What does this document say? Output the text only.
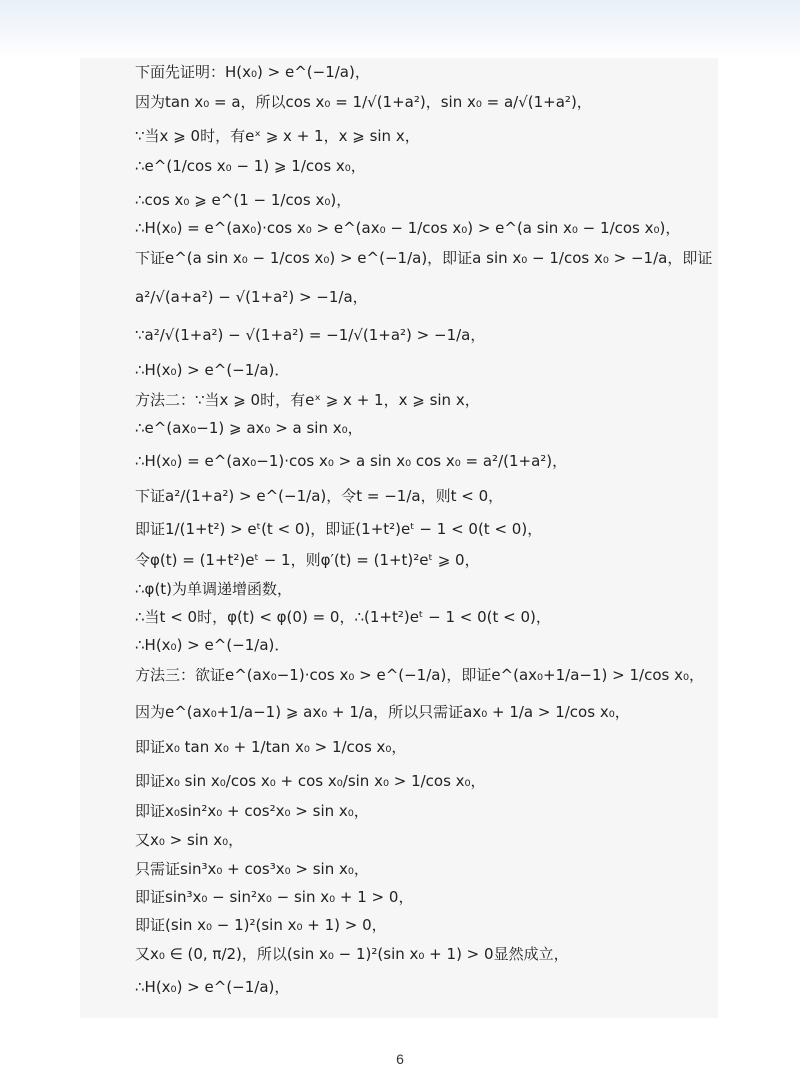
下面先证明：H(x₀) > e^(−1/a)，
因为tan x₀ = a，所以cos x₀ = 1/√(1+a²)，sin x₀ = a/√(1+a²)，
∵当x ⩾ 0时，有eˣ ⩾ x + 1，x ⩾ sin x，
∴e^(1/cos x₀ − 1) ⩾ 1/cos x₀，
∴cos x₀ ⩾ e^(1 − 1/cos x₀)，
∴H(x₀) = e^(ax₀)·cos x₀ > e^(ax₀ − 1/cos x₀) > e^(a sin x₀ − 1/cos x₀)，
下证e^(a sin x₀ − 1/cos x₀) > e^(−1/a)，即证a sin x₀ − 1/cos x₀ > −1/a，即证
a²/√(a+a²) − √(1+a²) > −1/a，
∵a²/√(1+a²) − √(1+a²) = −1/√(1+a²) > −1/a，
∴H(x₀) > e^(−1/a)．
方法二：∵当x ⩾ 0时，有eˣ ⩾ x + 1，x ⩾ sin x，
∴e^(ax₀−1) ⩾ ax₀ > a sin x₀，
∴H(x₀) = e^(ax₀−1)·cos x₀ > a sin x₀ cos x₀ = a²/(1+a²)，
下证a²/(1+a²) > e^(−1/a)，令t = −1/a，则t < 0，
即证1/(1+t²) > eᵗ(t < 0)，即证(1+t²)eᵗ − 1 < 0(t < 0)，
令φ(t) = (1+t²)eᵗ − 1，则φ′(t) = (1+t)²eᵗ ⩾ 0，
∴φ(t)为单调递增函数，
∴当t < 0时，φ(t) < φ(0) = 0，∴(1+t²)eᵗ − 1 < 0(t < 0)，
∴H(x₀) > e^(−1/a)．
方法三：欲证e^(ax₀−1)·cos x₀ > e^(−1/a)，即证e^(ax₀+1/a−1) > 1/cos x₀，
因为e^(ax₀+1/a−1) ⩾ ax₀ + 1/a，所以只需证ax₀ + 1/a > 1/cos x₀，
即证x₀ tan x₀ + 1/tan x₀ > 1/cos x₀，
即证x₀ sin x₀/cos x₀ + cos x₀/sin x₀ > 1/cos x₀，
即证x₀sin²x₀ + cos²x₀ > sin x₀，
又x₀ > sin x₀，
只需证sin³x₀ + cos³x₀ > sin x₀，
即证sin³x₀ − sin²x₀ − sin x₀ + 1 > 0，
即证(sin x₀ − 1)²(sin x₀ + 1) > 0，
又x₀ ∈ (0, π/2)，所以(sin x₀ − 1)²(sin x₀ + 1) > 0显然成立，
∴H(x₀) > e^(−1/a)，
6
